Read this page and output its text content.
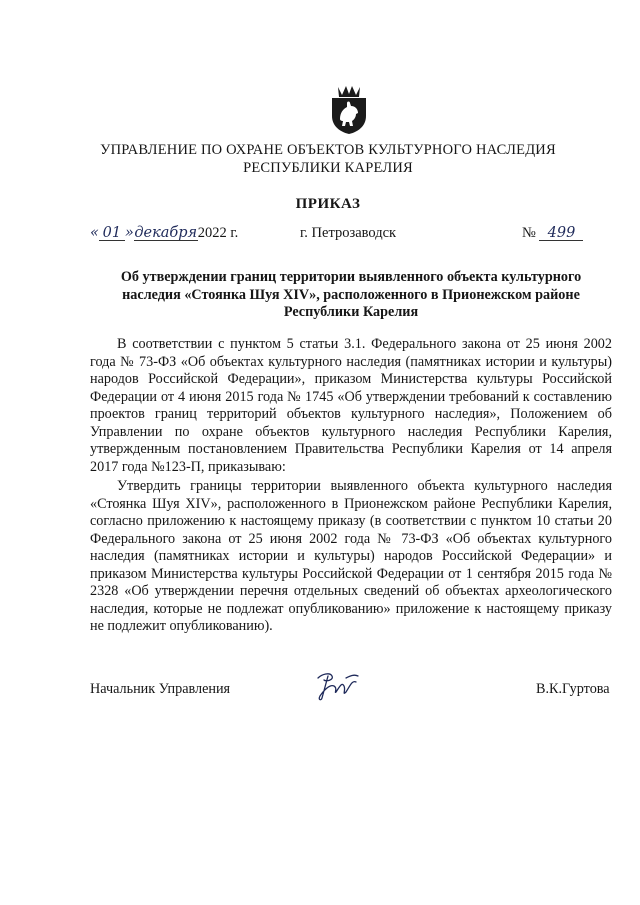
УПРАВЛЕНИЕ ПО ОХРАНЕ ОБЪЕКТОВ КУЛЬТУРНОГО НАСЛЕДИЯ
РЕСПУБЛИКИ КАРЕЛИЯ
ПРИКАЗ
« 01 »декабря2022 г.	г. Петрозаводск	№ 499
Об утверждении границ территории выявленного объекта культурного наследия «Стоянка Шуя XIV», расположенного в Прионежском районе Республики Карелия
В соответствии с пунктом 5 статьи 3.1. Федерального закона от 25 июня 2002 года № 73-ФЗ «Об объектах культурного наследия (памятниках истории и культуры) народов Российской Федерации», приказом Министерства культуры Российской Федерации от 4 июня 2015 года № 1745 «Об утверждении требований к составлению проектов границ территорий объектов культурного наследия», Положением об Управлении по охране объектов культурного наследия Республики Карелия, утвержденным постановлением Правительства Республики Карелия от 14 апреля 2017 года №123-П, приказываю:
Утвердить границы территории выявленного объекта культурного наследия «Стоянка Шуя XIV», расположенного в Прионежском районе Республики Карелия, согласно приложению к настоящему приказу (в соответствии с пунктом 10 статьи 20 Федерального закона от 25 июня 2002 года № 73-ФЗ «Об объектах культурного наследия (памятниках истории и культуры) народов Российской Федерации» и приказом Министерства культуры Российской Федерации от 1 сентября 2015 года № 2328 «Об утверждении перечня отдельных сведений об объектах археологического наследия, которые не подлежат опубликованию» приложение к настоящему приказу не подлежит опубликованию).
Начальник Управления	В.К.Гуртова
